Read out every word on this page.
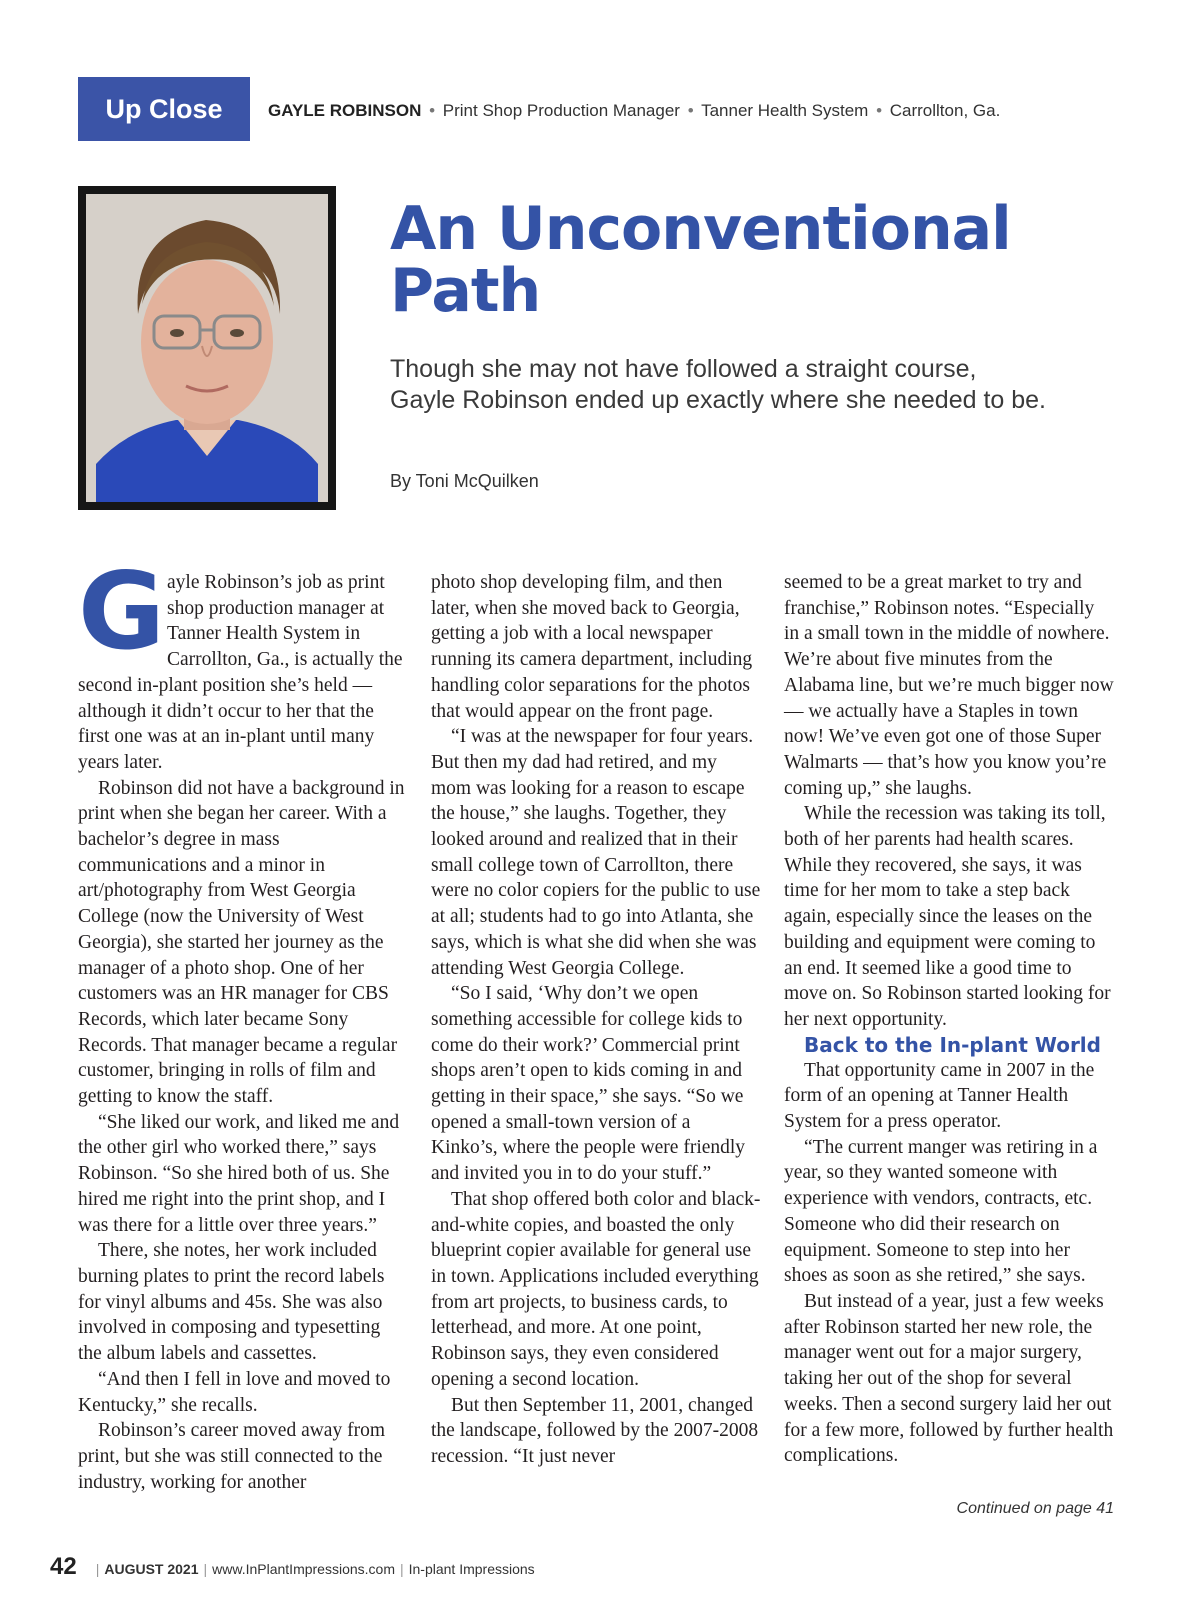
Up Close	GAYLE ROBINSON • Print Shop Production Manager • Tanner Health System • Carrollton, Ga.
An Unconventional
Path

Though she may not have followed a straight course,
Gayle Robinson ended up exactly where she needed to be.

By Toni McQuilken
G ayle Robinson’s job as print shop production manager at Tanner Health System in Carrollton, Ga., is actually the second in-plant position she’s held — although it didn’t occur to her that the first one was at an in-plant until many years later.

Robinson did not have a background in print when she began her career. With a bachelor’s degree in mass communications and a minor in art/photography from West Georgia College (now the University of West Georgia), she started her journey as the manager of a photo shop. One of her customers was an HR manager for CBS Records, which later became Sony Records. That manager became a regular customer, bringing in rolls of film and getting to know the staff.

“She liked our work, and liked me and the other girl who worked there,” says Robinson. “So she hired both of us. She hired me right into the print shop, and I was there for a little over three years.”

There, she notes, her work included burning plates to print the record labels for vinyl albums and 45s. She was also involved in composing and typesetting the album labels and cassettes.

“And then I fell in love and moved to Kentucky,” she recalls.

Robinson’s career moved away from print, but she was still connected to the industry, working for another

photo shop developing film, and then later, when she moved back to Georgia, getting a job with a local newspaper running its camera department, including handling color separations for the photos that would appear on the front page.

“I was at the newspaper for four years. But then my dad had retired, and my mom was looking for a reason to escape the house,” she laughs. Together, they looked around and realized that in their small college town of Carrollton, there were no color copiers for the public to use at all; students had to go into Atlanta, she says, which is what she did when she was attending West Georgia College.

“So I said, ‘Why don’t we open something accessible for college kids to come do their work?’ Commercial print shops aren’t open to kids coming in and getting in their space,” she says. “So we opened a small-town version of a Kinko’s, where the people were friendly and invited you in to do your stuff.”

That shop offered both color and black-and-white copies, and boasted the only blueprint copier available for general use in town. Applications included everything from art projects, to business cards, to letterhead, and more. At one point, Robinson says, they even considered opening a second location.

But then September 11, 2001, changed the landscape, followed by the 2007-2008 recession. “It just never

seemed to be a great market to try and franchise,” Robinson notes. “Especially in a small town in the middle of nowhere. We’re about five minutes from the Alabama line, but we’re much bigger now — we actually have a Staples in town now! We’ve even got one of those Super Walmarts — that’s how you know you’re coming up,” she laughs.

While the recession was taking its toll, both of her parents had health scares. While they recovered, she says, it was time for her mom to take a step back again, especially since the leases on the building and equipment were coming to an end. It seemed like a good time to move on. So Robinson started looking for her next opportunity.

Back to the In-plant World

That opportunity came in 2007 in the form of an opening at Tanner Health System for a press operator.

“The current manger was retiring in a year, so they wanted someone with experience with vendors, contracts, etc. Someone who did their research on equipment. Someone to step into her shoes as soon as she retired,” she says.

But instead of a year, just a few weeks after Robinson started her new role, the manager went out for a major surgery, taking her out of the shop for several weeks. Then a second surgery laid her out for a few more, followed by further health complications.

Continued on page 41
42 | AUGUST 2021 | www.InPlantImpressions.com | In-plant Impressions
